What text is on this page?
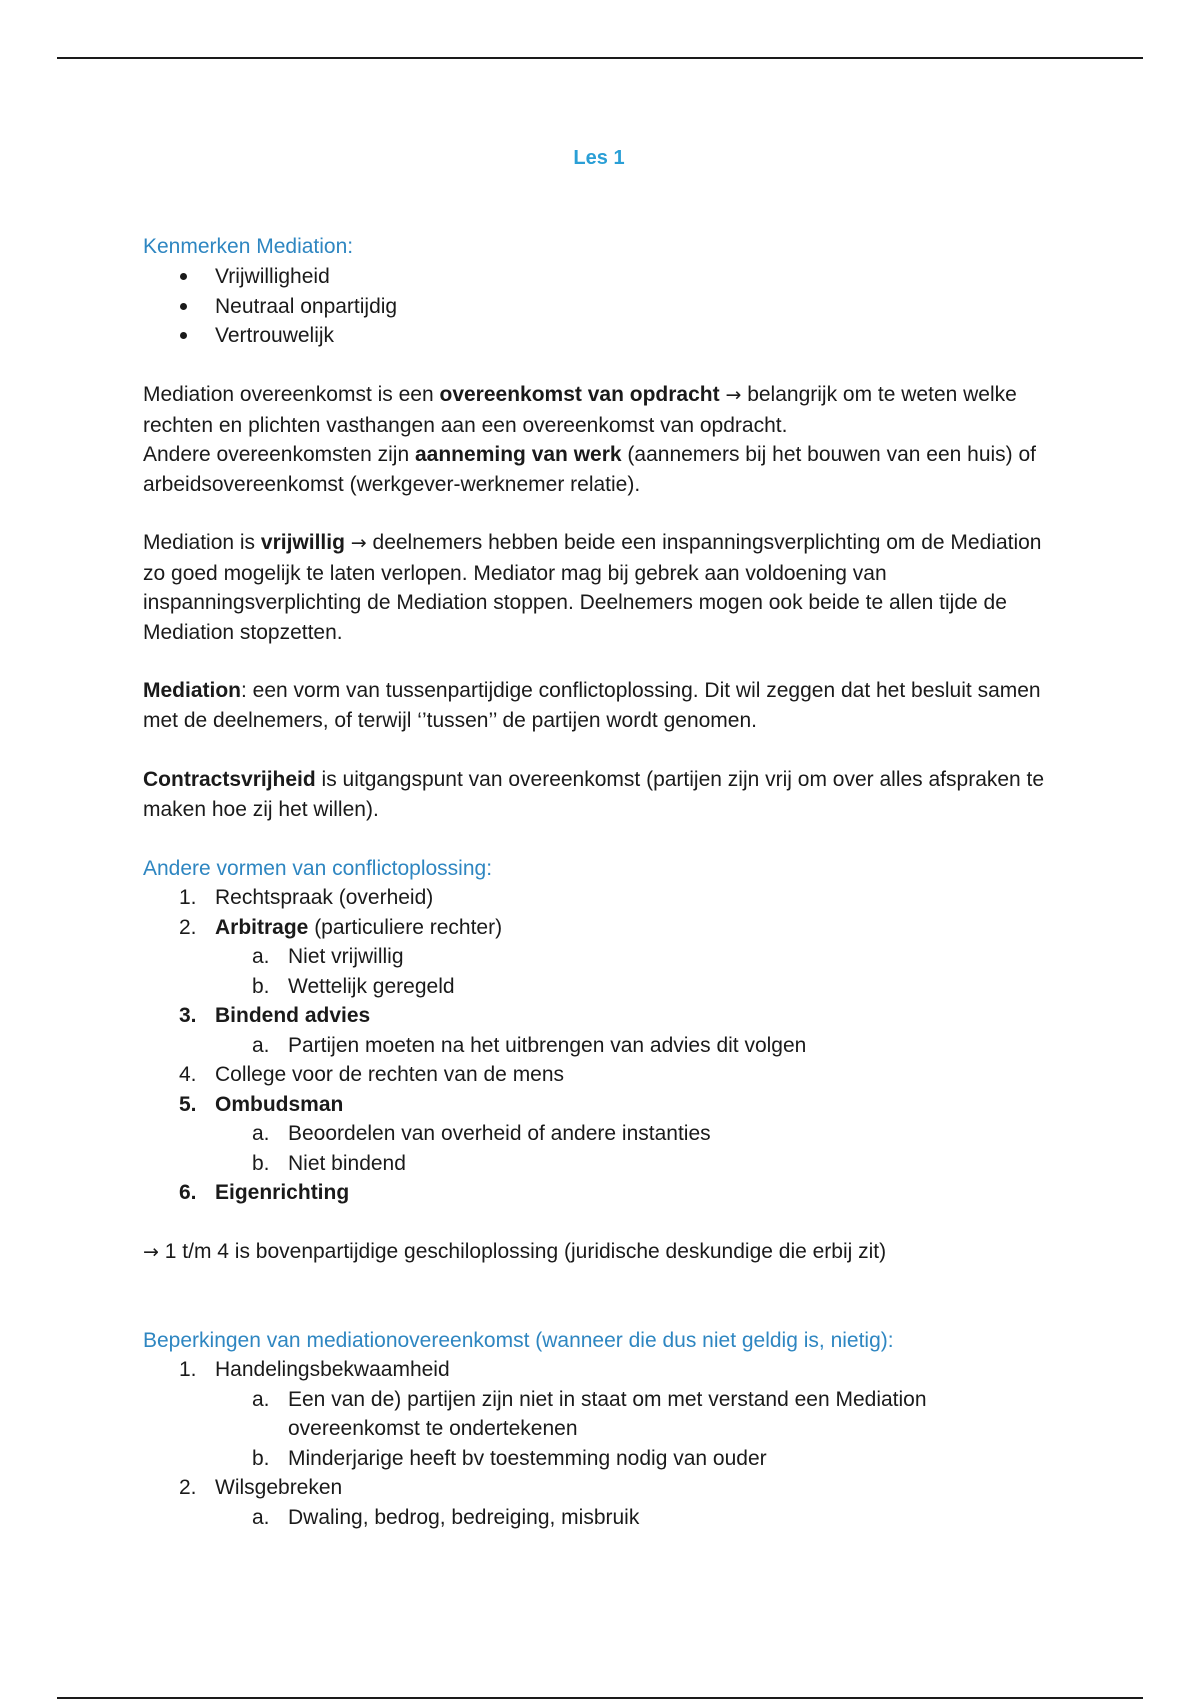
Les 1
Kenmerken Mediation:
Vrijwilligheid
Neutraal onpartijdig
Vertrouwelijk

Mediation overeenkomst is een overeenkomst van opdracht → belangrijk om te weten welke rechten en plichten vasthangen aan een overeenkomst van opdracht.

Andere overeenkomsten zijn aanneming van werk (aannemers bij het bouwen van een huis) of arbeidsovereenkomst (werkgever-werknemer relatie).

Mediation is vrijwillig → deelnemers hebben beide een inspanningsverplichting om de Mediation zo goed mogelijk te laten verlopen. Mediator mag bij gebrek aan voldoening van inspanningsverplichting de Mediation stoppen. Deelnemers mogen ook beide te allen tijde de Mediation stopzetten.

Mediation: een vorm van tussenpartijdige conflictoplossing. Dit wil zeggen dat het besluit samen met de deelnemers, of terwijl ‘’tussen’’ de partijen wordt genomen.

Contractsvrijheid is uitgangspunt van overeenkomst (partijen zijn vrij om over alles afspraken te maken hoe zij het willen).

Andere vormen van conflictoplossing:
1. Rechtspraak (overheid)
2. Arbitrage (particuliere rechter)
a. Niet vrijwillig
b. Wettelijk geregeld
3. Bindend advies
a. Partijen moeten na het uitbrengen van advies dit volgen
4. College voor de rechten van de mens
5. Ombudsman
a. Beoordelen van overheid of andere instanties
b. Niet bindend
6. Eigenrichting

→ 1 t/m 4 is bovenpartijdige geschiloplossing (juridische deskundige die erbij zit)

Beperkingen van mediationovereenkomst (wanneer die dus niet geldig is, nietig):
1. Handelingsbekwaamheid
a. Een van de) partijen zijn niet in staat om met verstand een Mediation overeenkomst te ondertekenen
b. Minderjarige heeft bv toestemming nodig van ouder
2. Wilsgebreken
a. Dwaling, bedrog, bedreiging, misbruik
